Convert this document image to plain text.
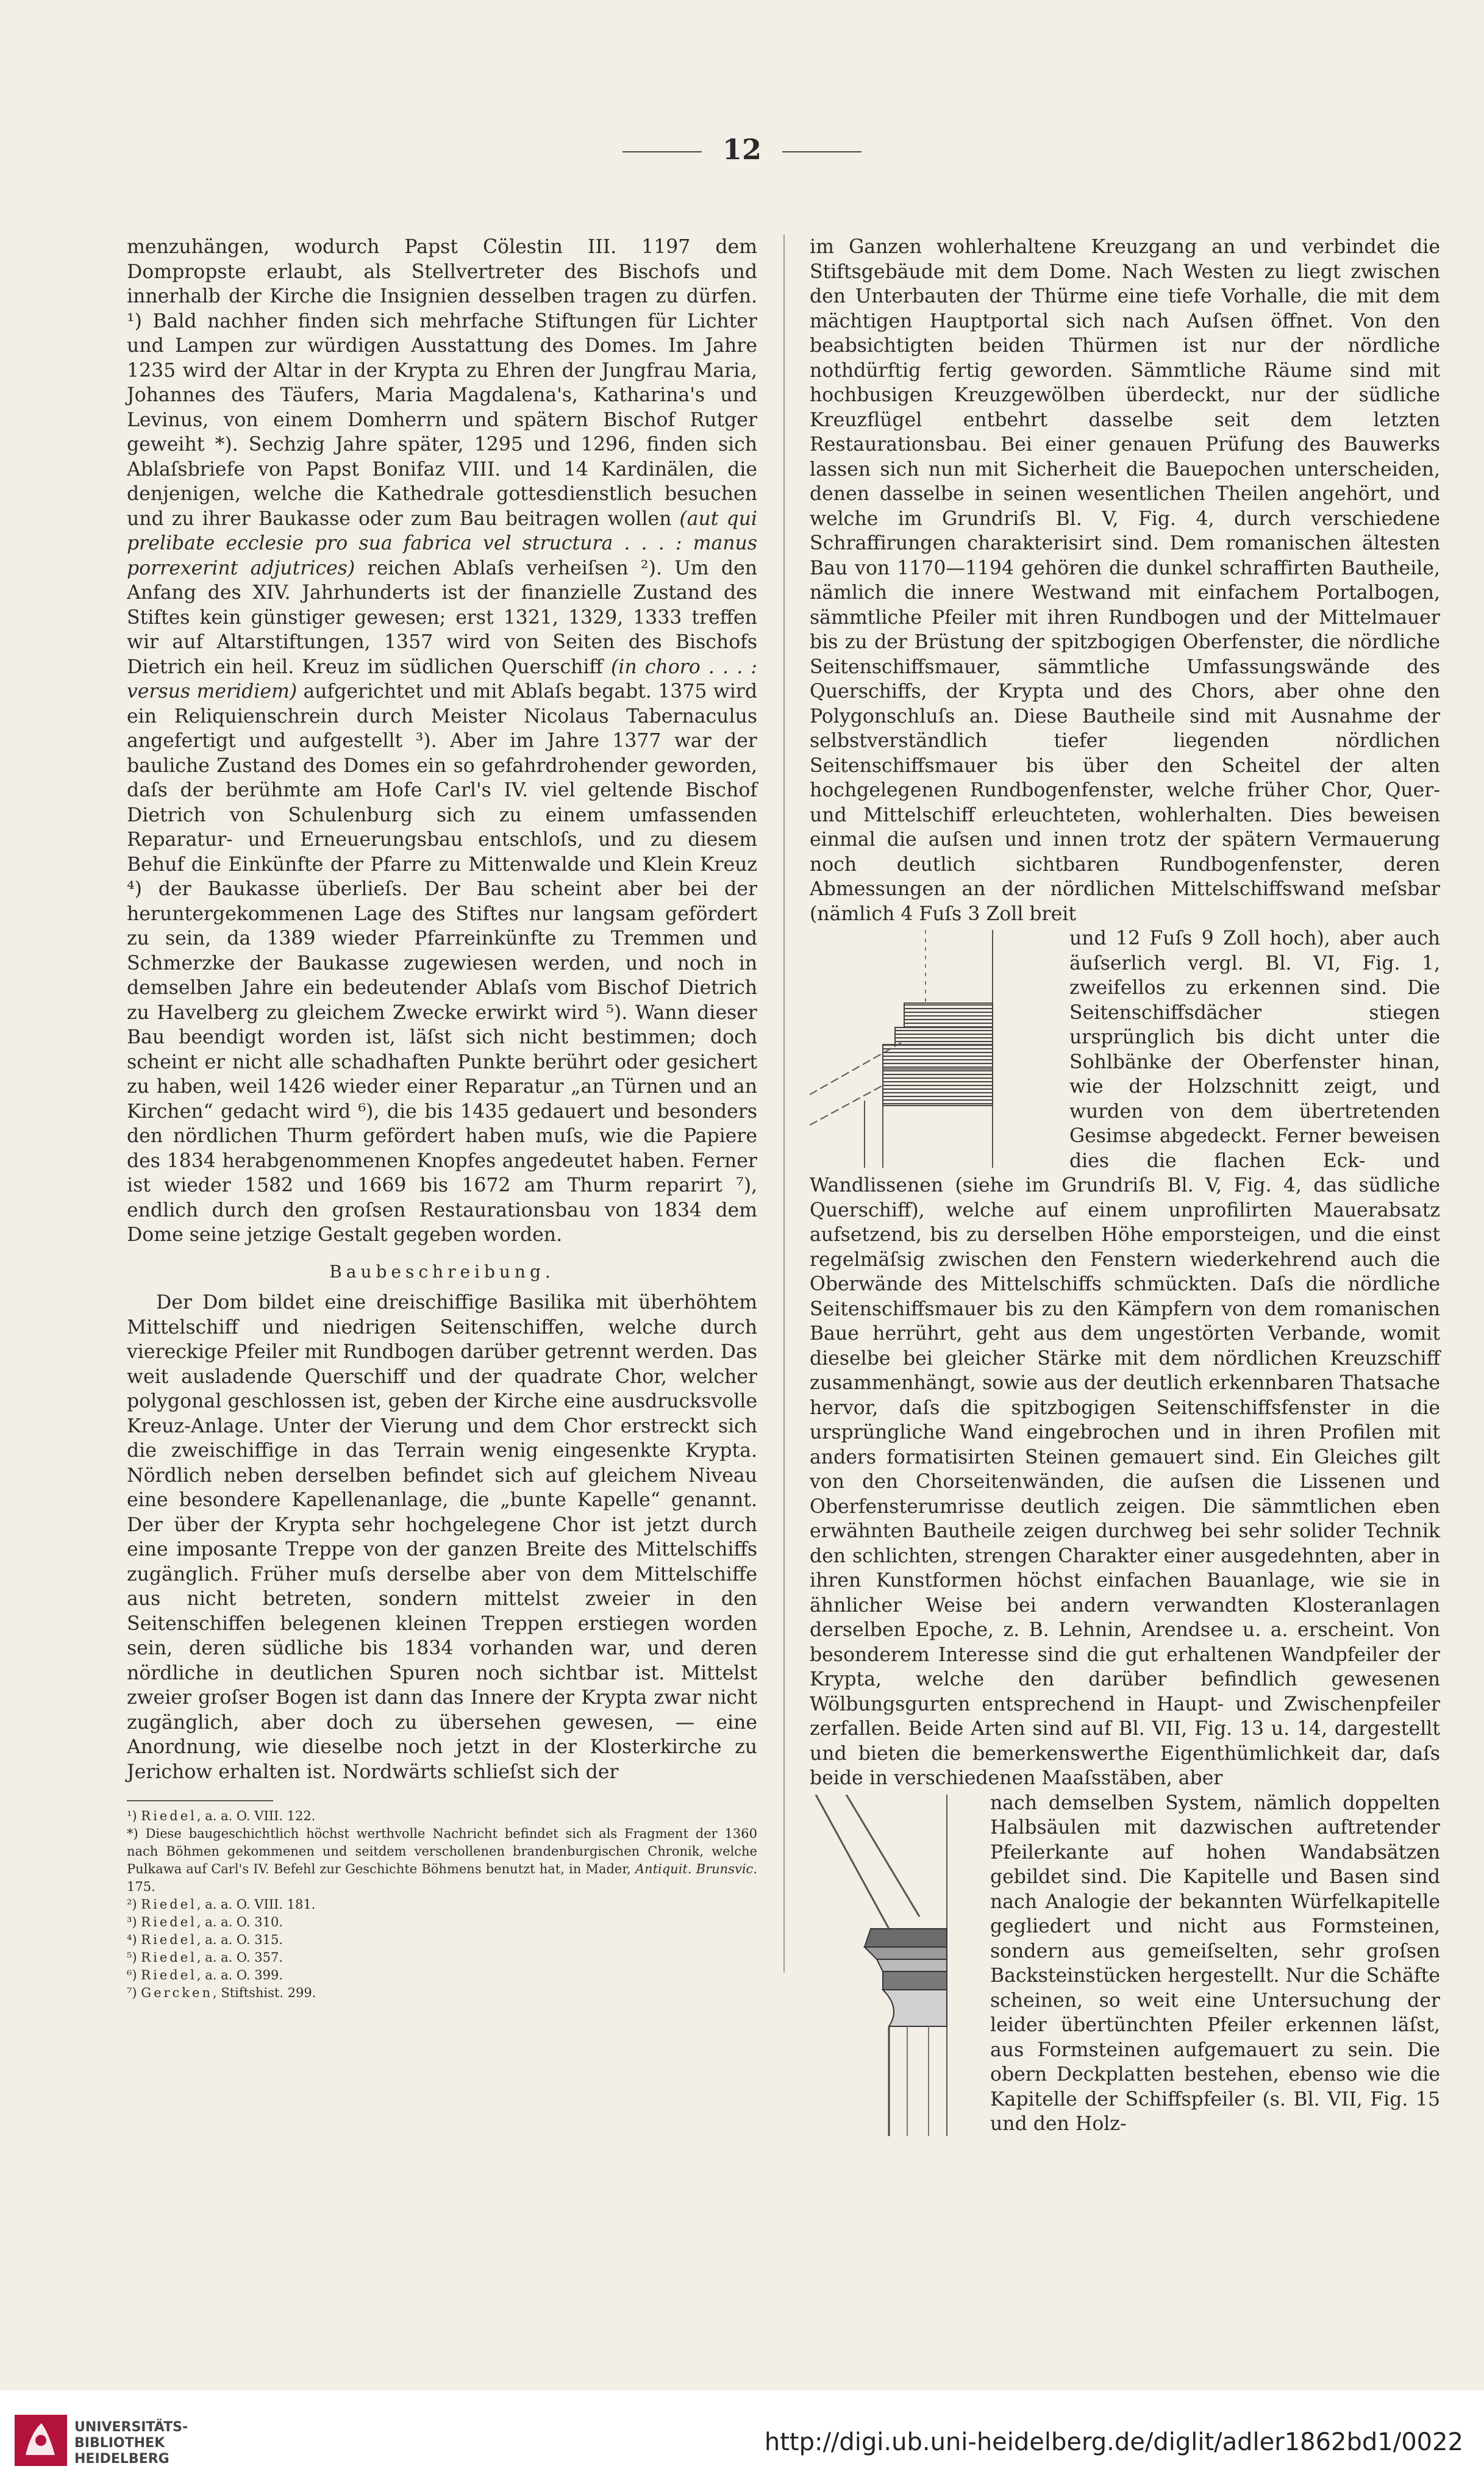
12

menzuhängen, wodurch Papst Cölestin III. 1197 dem Dompropste erlaubt, als Stellvertreter des Bischofs und innerhalb der Kirche die Insignien desselben tragen zu dürfen. ¹) Bald nachher finden sich mehrfache Stiftungen für Lichter und Lampen zur würdigen Ausstattung des Domes. Im Jahre 1235 wird der Altar in der Krypta zu Ehren der Jungfrau Maria, Johannes des Täufers, Maria Magdalena's, Katharina's und Levinus, von einem Domherrn und spätern Bischof Rutger geweiht *). Sechzig Jahre später, 1295 und 1296, finden sich Ablaſsbriefe von Papst Bonifaz VIII. und 14 Kardinälen, die denjenigen, welche die Kathedrale gottesdienstlich besuchen und zu ihrer Baukasse oder zum Bau beitragen wollen (aut qui prelibate ecclesie pro sua fabrica vel structura . . . : manus porrexerint adjutrices) reichen Ablaſs verheiſsen ²). Um den Anfang des XIV. Jahrhunderts ist der finanzielle Zustand des Stiftes kein günstiger gewesen; erst 1321, 1329, 1333 treffen wir auf Altarstiftungen, 1357 wird von Seiten des Bischofs Dietrich ein heil. Kreuz im südlichen Querschiff (in choro . . . : versus meridiem) aufgerichtet und mit Ablaſs begabt. 1375 wird ein Reliquienschrein durch Meister Nicolaus Tabernaculus angefertigt und aufgestellt ³). Aber im Jahre 1377 war der bauliche Zustand des Domes ein so gefahrdrohender geworden, daſs der berühmte am Hofe Carl's IV. viel geltende Bischof Dietrich von Schulenburg sich zu einem umfassenden Reparatur- und Erneuerungsbau entschloſs, und zu diesem Behuf die Einkünfte der Pfarre zu Mittenwalde und Klein Kreuz ⁴) der Baukasse überlieſs. Der Bau scheint aber bei der heruntergekommenen Lage des Stiftes nur langsam gefördert zu sein, da 1389 wieder Pfarreinkünfte zu Tremmen und Schmerzke der Baukasse zugewiesen werden, und noch in demselben Jahre ein bedeutender Ablaſs vom Bischof Dietrich zu Havelberg zu gleichem Zwecke erwirkt wird ⁵). Wann dieser Bau beendigt worden ist, läſst sich nicht bestimmen; doch scheint er nicht alle schadhaften Punkte berührt oder gesichert zu haben, weil 1426 wieder einer Reparatur „an Türnen und an Kirchen“ gedacht wird ⁶), die bis 1435 gedauert und besonders den nördlichen Thurm gefördert haben muſs, wie die Papiere des 1834 herabgenommenen Knopfes angedeutet haben. Ferner ist wieder 1582 und 1669 bis 1672 am Thurm reparirt ⁷), endlich durch den groſsen Restaurationsbau von 1834 dem Dome seine jetzige Gestalt gegeben worden.

Baubeschreibung.

Der Dom bildet eine dreischiffige Basilika mit überhöhtem Mittelschiff und niedrigen Seitenschiffen, welche durch viereckige Pfeiler mit Rundbogen darüber getrennt werden. Das weit ausladende Querschiff und der quadrate Chor, welcher polygonal geschlossen ist, geben der Kirche eine ausdrucksvolle Kreuz-Anlage. Unter der Vierung und dem Chor erstreckt sich die zweischiffige in das Terrain wenig eingesenkte Krypta. Nördlich neben derselben befindet sich auf gleichem Niveau eine besondere Kapellenanlage, die „bunte Kapelle“ genannt. Der über der Krypta sehr hochgelegene Chor ist jetzt durch eine imposante Treppe von der ganzen Breite des Mittelschiffs zugänglich. Früher muſs derselbe aber von dem Mittelschiffe aus nicht betreten, sondern mittelst zweier in den Seitenschiffen belegenen kleinen Treppen erstiegen worden sein, deren südliche bis 1834 vorhanden war, und deren nördliche in deutlichen Spuren noch sichtbar ist. Mittelst zweier groſser Bogen ist dann das Innere der Krypta zwar nicht zugänglich, aber doch zu übersehen gewesen, — eine Anordnung, wie dieselbe noch jetzt in der Klosterkirche zu Jerichow erhalten ist. Nordwärts schlieſst sich der

¹) Riedel, a. a. O. VIII. 122.
*) Diese baugeschichtlich höchst werthvolle Nachricht befindet sich als Fragment der 1360 nach Böhmen gekommenen und seitdem verschollenen brandenburgischen Chronik, welche Pulkawa auf Carl's IV. Befehl zur Geschichte Böhmens benutzt hat, in Mader, Antiquit. Brunsvic. 175.
²) Riedel, a. a. O. VIII. 181.
³) Riedel, a. a. O. 310.
⁴) Riedel, a. a. O. 315.
⁵) Riedel, a. a. O. 357.
⁶) Riedel, a. a. O. 399.
⁷) Gercken, Stiftshist. 299.

im Ganzen wohlerhaltene Kreuzgang an und verbindet die Stiftsgebäude mit dem Dome. Nach Westen zu liegt zwischen den Unterbauten der Thürme eine tiefe Vorhalle, die mit dem mächtigen Hauptportal sich nach Auſsen öffnet. Von den beabsichtigten beiden Thürmen ist nur der nördliche nothdürftig fertig geworden. Sämmtliche Räume sind mit hochbusigen Kreuzgewölben überdeckt, nur der südliche Kreuzflügel entbehrt dasselbe seit dem letzten Restaurationsbau. Bei einer genauen Prüfung des Bauwerks lassen sich nun mit Sicherheit die Bauepochen unterscheiden, denen dasselbe in seinen wesentlichen Theilen angehört, und welche im Grundriſs Bl. V, Fig. 4, durch verschiedene Schraffirungen charakterisirt sind. Dem romanischen ältesten Bau von 1170—1194 gehören die dunkel schraffirten Bautheile, nämlich die innere Westwand mit einfachem Portalbogen, sämmtliche Pfeiler mit ihren Rundbogen und der Mittelmauer bis zu der Brüstung der spitzbogigen Oberfenster, die nördliche Seitenschiffsmauer, sämmtliche Umfassungswände des Querschiffs, der Krypta und des Chors, aber ohne den Polygonschluſs an. Diese Bautheile sind mit Ausnahme der selbstverständlich tiefer liegenden nördlichen Seitenschiffsmauer bis über den Scheitel der alten hochgelegenen Rundbogenfenster, welche früher Chor, Quer- und Mittelschiff erleuchteten, wohlerhalten. Dies beweisen einmal die auſsen und innen trotz der spätern Vermauerung noch deutlich sichtbaren Rundbogenfenster, deren Abmessungen an der nördlichen Mittelschiffswand meſsbar (nämlich 4 Fuſs 3 Zoll breit

und 12 Fuſs 9 Zoll hoch), aber auch äuſserlich vergl. Bl. VI, Fig. 1, zweifellos zu erkennen sind. Die Seitenschiffsdächer stiegen ursprünglich bis dicht unter die Sohlbänke der Oberfenster hinan, wie der Holzschnitt zeigt, und wurden von dem übertretenden Gesimse abgedeckt. Ferner beweisen dies die flachen Eck- und Wandlissenen (siehe im Grundriſs Bl. V, Fig. 4, das südliche Querschiff), welche auf einem unprofilirten Mauerabsatz aufsetzend, bis zu derselben Höhe emporsteigen, und die einst regelmäſsig zwischen den Fenstern wiederkehrend auch die Oberwände des Mittelschiffs schmückten. Daſs die nördliche Seitenschiffsmauer bis zu den Kämpfern von dem romanischen Baue herrührt, geht aus dem ungestörten Verbande, womit dieselbe bei gleicher Stärke mit dem nördlichen Kreuzschiff zusammenhängt, sowie aus der deutlich erkennbaren Thatsache hervor, daſs die spitzbogigen Seitenschiffsfenster in die ursprüngliche Wand eingebrochen und in ihren Profilen mit anders formatisirten Steinen gemauert sind. Ein Gleiches gilt von den Chorseitenwänden, die auſsen die Lissenen und Oberfensterumrisse deutlich zeigen. Die sämmtlichen eben erwähnten Bautheile zeigen durchweg bei sehr solider Technik den schlichten, strengen Charakter einer ausgedehnten, aber in ihren Kunstformen höchst einfachen Bauanlage, wie sie in ähnlicher Weise bei andern verwandten Klosteranlagen derselben Epoche, z. B. Lehnin, Arendsee u. a. erscheint. Von besonderem Interesse sind die gut erhaltenen Wandpfeiler der Krypta, welche den darüber befindlich gewesenen Wölbungsgurten entsprechend in Haupt- und Zwischenpfeiler zerfallen. Beide Arten sind auf Bl. VII, Fig. 13 u. 14, dargestellt und bieten die bemerkenswerthe Eigenthümlichkeit dar, daſs beide in verschiedenen Maaſsstäben, aber

nach demselben System, nämlich doppelten Halbsäulen mit dazwischen auftretender Pfeilerkante auf hohen Wandabsätzen gebildet sind. Die Kapitelle und Basen sind nach Analogie der bekannten Würfelkapitelle gegliedert und nicht aus Formsteinen, sondern aus gemeiſselten, sehr groſsen Backsteinstücken hergestellt. Nur die Schäfte scheinen, so weit eine Untersuchung der leider übertünchten Pfeiler erkennen läſst, aus Formsteinen aufgemauert zu sein. Die obern Deckplatten bestehen, ebenso wie die Kapitelle der Schiffspfeiler (s. Bl. VII, Fig. 15 und den Holz-

UNIVERSITÄTS-
BIBLIOTHEK
HEIDELBERG
http://digi.ub.uni-heidelberg.de/diglit/adler1862bd1/0022
